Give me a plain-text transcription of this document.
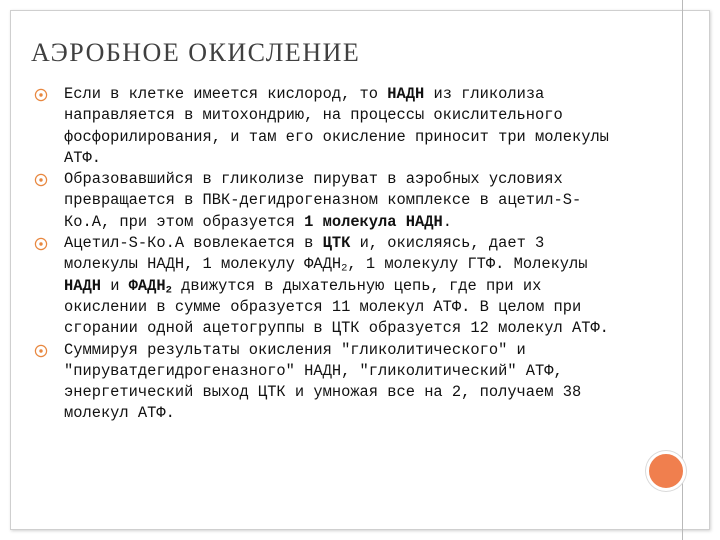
АЭРОБНОЕ ОКИСЛЕНИЕ
Если в клетке имеется кислород, то НАДН из гликолиза направляется в митохондрию, на процессы окислительного фосфорилирования, и там его окисление приносит три молекулы АТФ.
Образовавшийся в гликолизе пируват в аэробных условиях превращается в ПВК-дегидрогеназном комплексе в ацетил-S-Ко.А, при этом образуется 1 молекула НАДН.
Ацетил-S-Ко.А вовлекается в ЦТК и, окисляясь, дает 3 молекулы НАДН, 1 молекулу $ФАДН_2$, 1 молекулу ГТФ. Молекулы НАДН и $ФАДН_2$ движутся в дыхательную цепь, где при их окислении в сумме образуется 11 молекул АТФ. В целом при сгорании одной ацетогруппы в ЦТК образуется 12 молекул АТФ.
Суммируя результаты окисления "гликолитического" и "пируватдегидрогеназного" НАДН, "гликолитический" АТФ, энергетический выход ЦТК и умножая все на 2, получаем 38 молекул АТФ.
